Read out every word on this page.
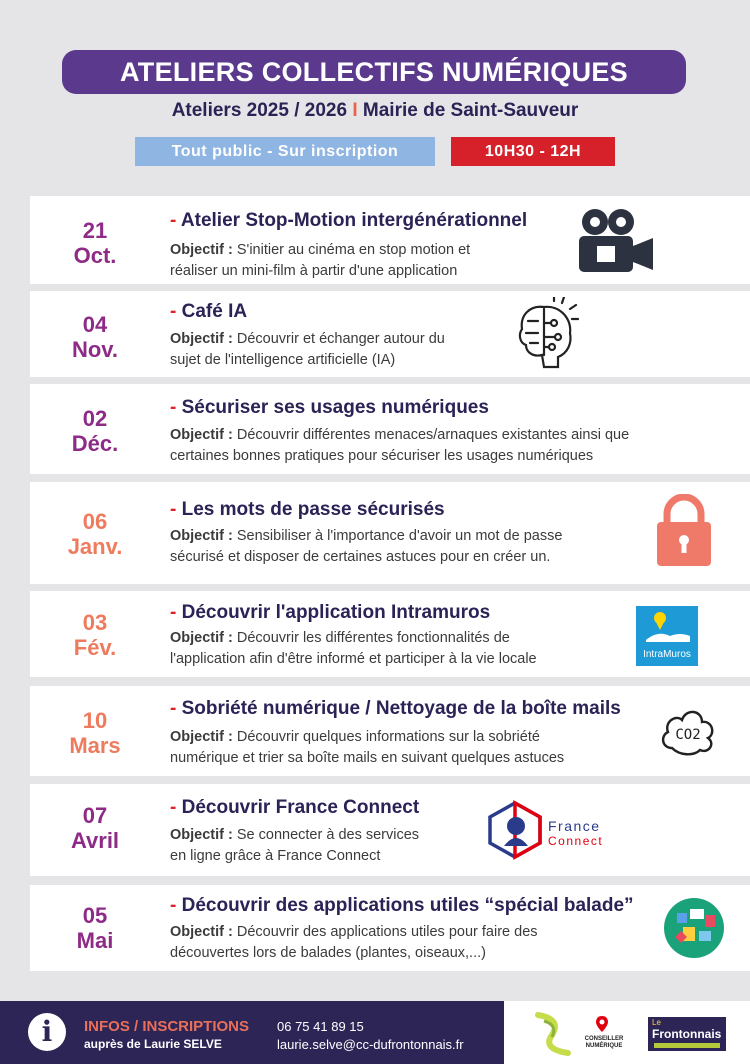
ATELIERS COLLECTIFS NUMÉRIQUES
Ateliers 2025 / 2026 I Mairie de Saint-Sauveur
Tout public - Sur inscription	10H30 - 12H
21
Oct.
- Atelier Stop-Motion intergénérationnel
Objectif : S'initier au cinéma en stop motion et
réaliser un mini-film à partir d'une application
04
Nov.
- Café IA
Objectif : Découvrir et échanger autour du
sujet de l'intelligence artificielle (IA)
02
Déc.
- Sécuriser ses usages numériques
Objectif : Découvrir différentes menaces/arnaques existantes ainsi que
certaines bonnes pratiques pour sécuriser les usages numériques
06
Janv.
- Les mots de passe sécurisés
Objectif : Sensibiliser à l'importance d'avoir un mot de passe
sécurisé et disposer de certaines astuces pour en créer un.
03
Fév.
- Découvrir l'application Intramuros
Objectif : Découvrir les différentes fonctionnalités de
l'application afin d'être informé et participer à la vie locale	IntraMuros
10
Mars
- Sobriété numérique / Nettoyage de la boîte mails
Objectif : Découvrir quelques informations sur la sobriété
numérique et trier sa boîte mails en suivant quelques astuces
CO2
07
Avril
- Découvrir France Connect
Objectif : Se connecter à des services
en ligne grâce à France Connect
France
Connect
05
Mai
- Découvrir des applications utiles “spécial balade”
Objectif : Découvrir des applications utiles pour faire des
découvertes lors de balades (plantes, oiseaux,...)
i	INFOS / INSCRIPTIONS
auprès de Laurie SELVE
06 75 41 89 15
laurie.selve@cc-dufrontonnais.fr	CONSEILLER
NUMÉRIQUE
Le
Frontonnais
